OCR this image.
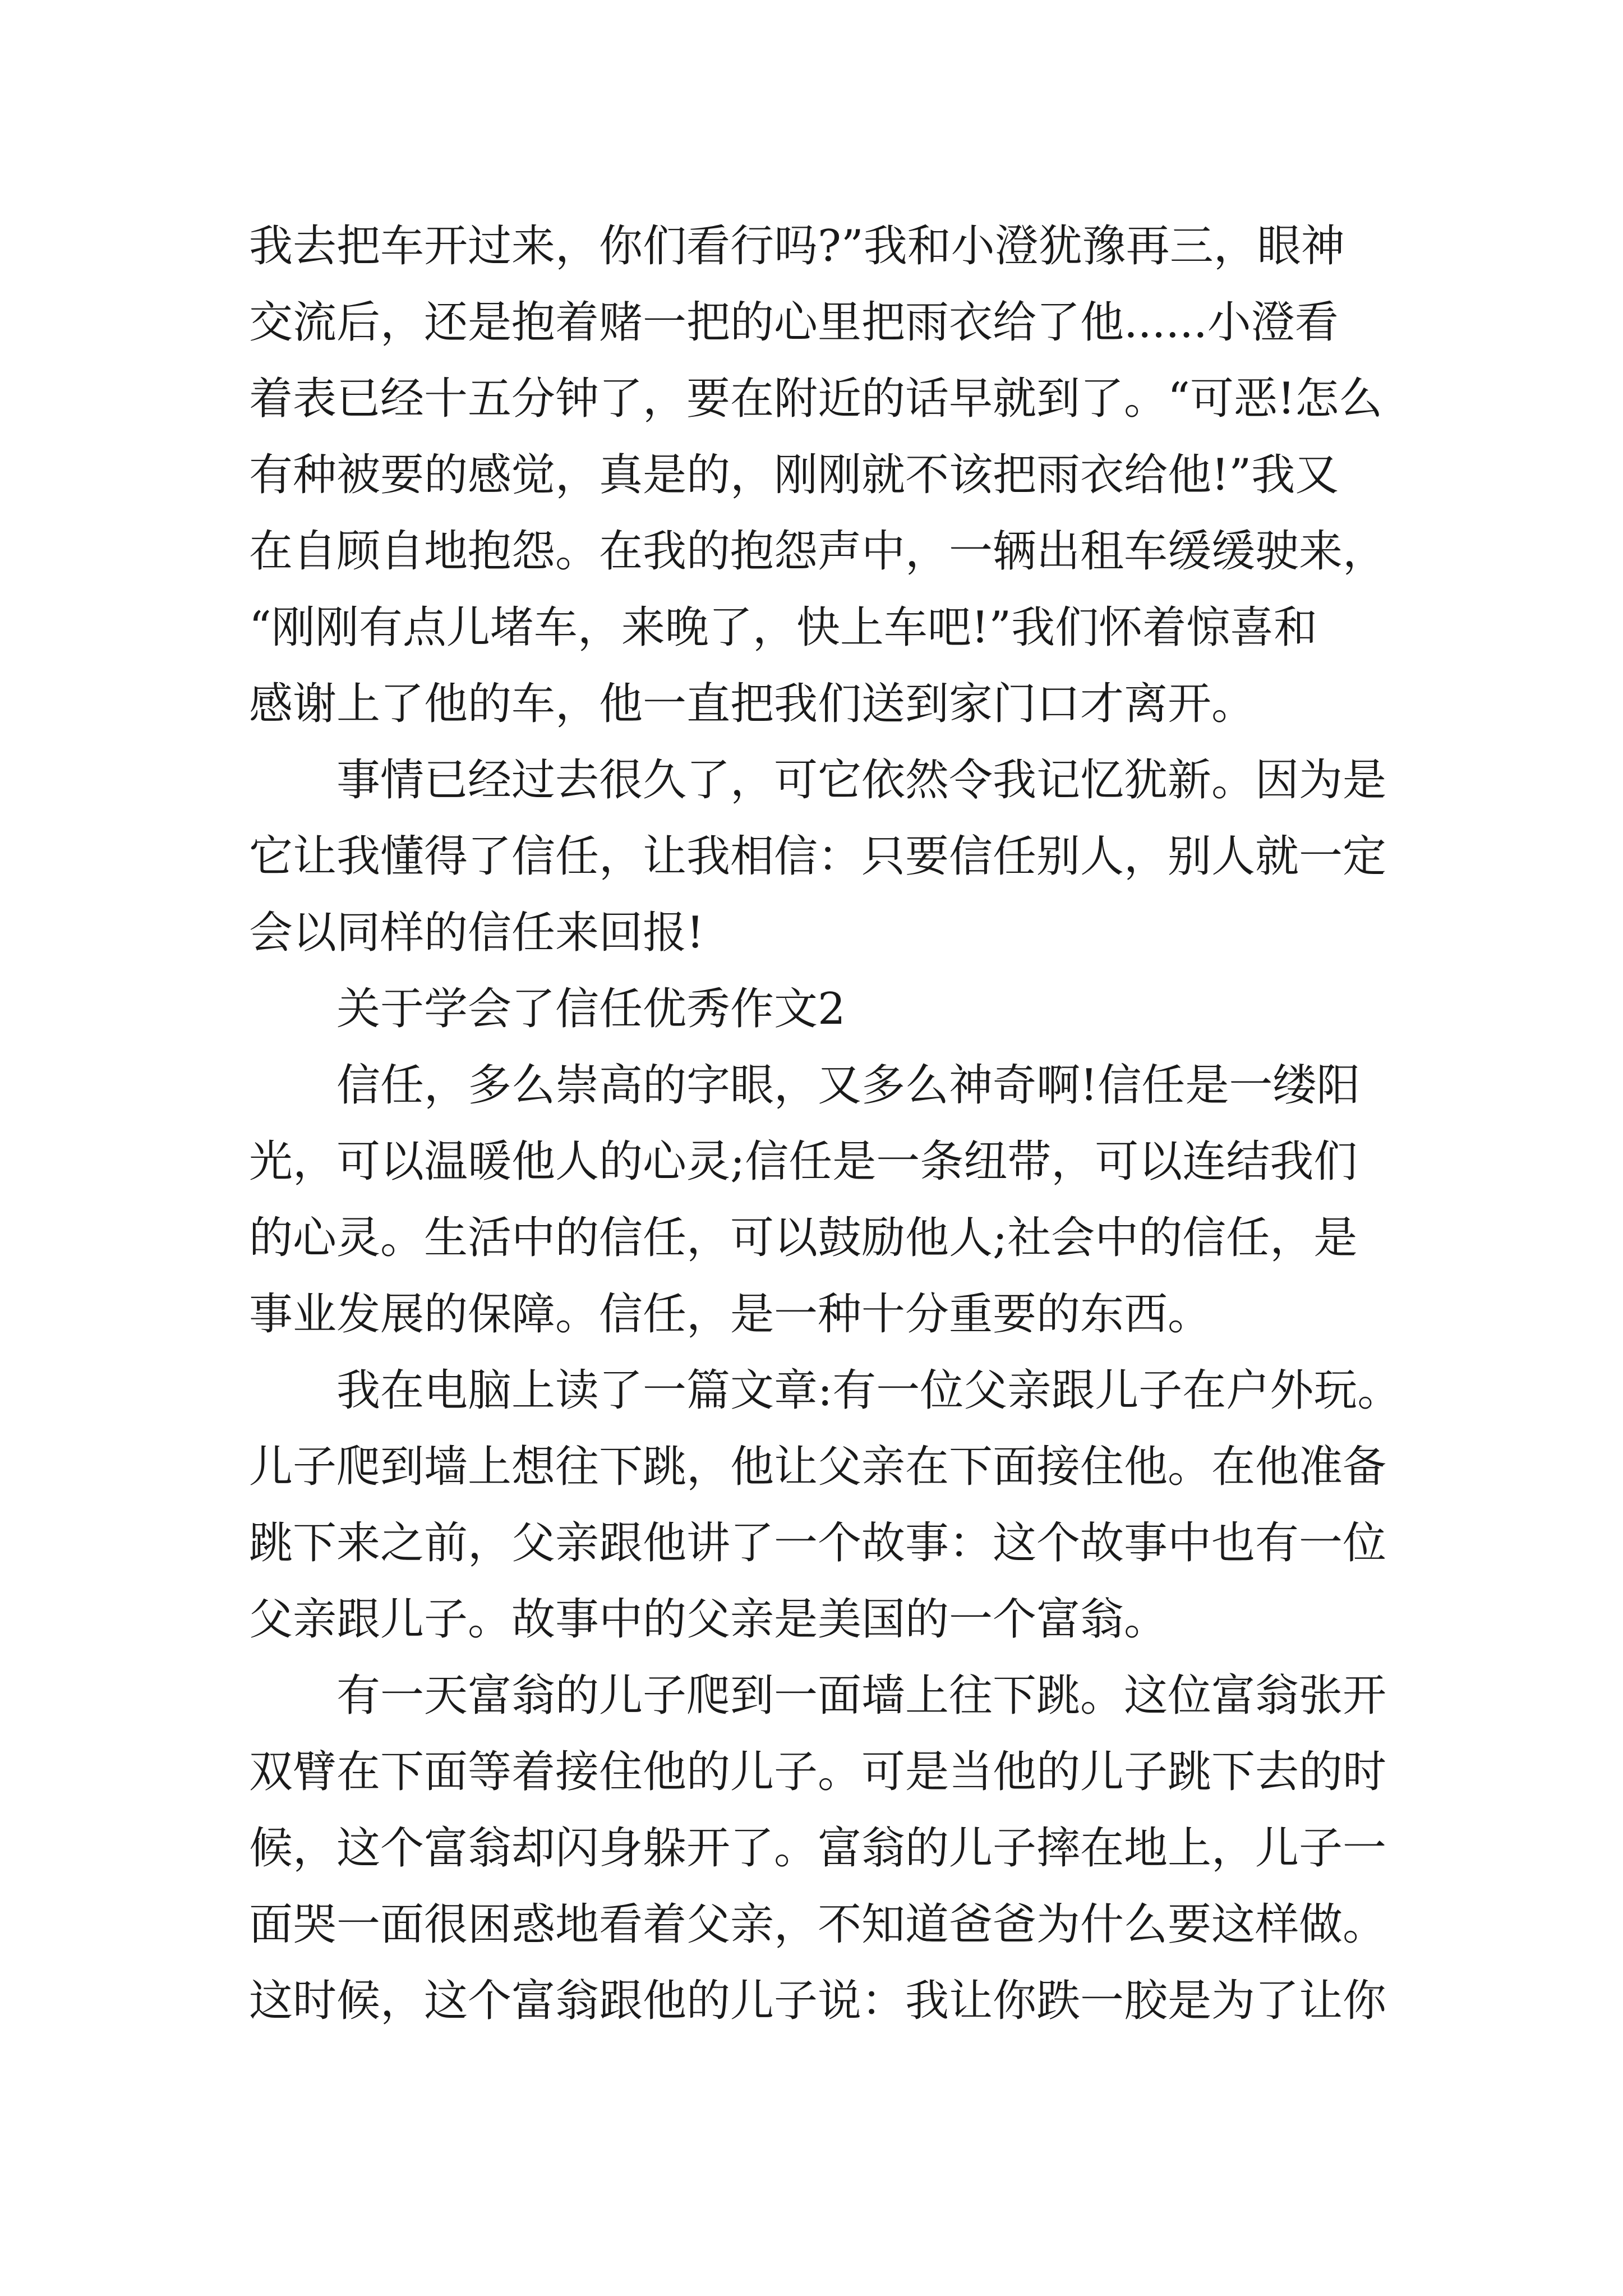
我去把车开过来，你们看行吗?”我和小澄犹豫再三，眼神
交流后，还是抱着赌一把的心里把雨衣给了他......小澄看
着表已经十五分钟了，要在附近的话早就到了。“可恶!怎么
有种被要的感觉，真是的，刚刚就不该把雨衣给他!”我又
在自顾自地抱怨。在我的抱怨声中，一辆出租车缓缓驶来，
“刚刚有点儿堵车，来晚了，快上车吧!”我们怀着惊喜和
感谢上了他的车，他一直把我们送到家门口才离开。
　　事情已经过去很久了，可它依然令我记忆犹新。因为是
它让我懂得了信任，让我相信：只要信任别人，别人就一定
会以同样的信任来回报!
　　关于学会了信任优秀作文2
　　信任，多么崇高的字眼，又多么神奇啊!信任是一缕阳
光，可以温暖他人的心灵;信任是一条纽带，可以连结我们
的心灵。生活中的信任，可以鼓励他人;社会中的信任，是
事业发展的保障。信任，是一种十分重要的东西。
　　我在电脑上读了一篇文章:有一位父亲跟儿子在户外玩。
儿子爬到墙上想往下跳，他让父亲在下面接住他。在他准备
跳下来之前，父亲跟他讲了一个故事：这个故事中也有一位
父亲跟儿子。故事中的父亲是美国的一个富翁。
　　有一天富翁的儿子爬到一面墙上往下跳。这位富翁张开
双臂在下面等着接住他的儿子。可是当他的儿子跳下去的时
候，这个富翁却闪身躲开了。富翁的儿子摔在地上，儿子一
面哭一面很困惑地看着父亲，不知道爸爸为什么要这样做。
这时候，这个富翁跟他的儿子说：我让你跌一胶是为了让你
